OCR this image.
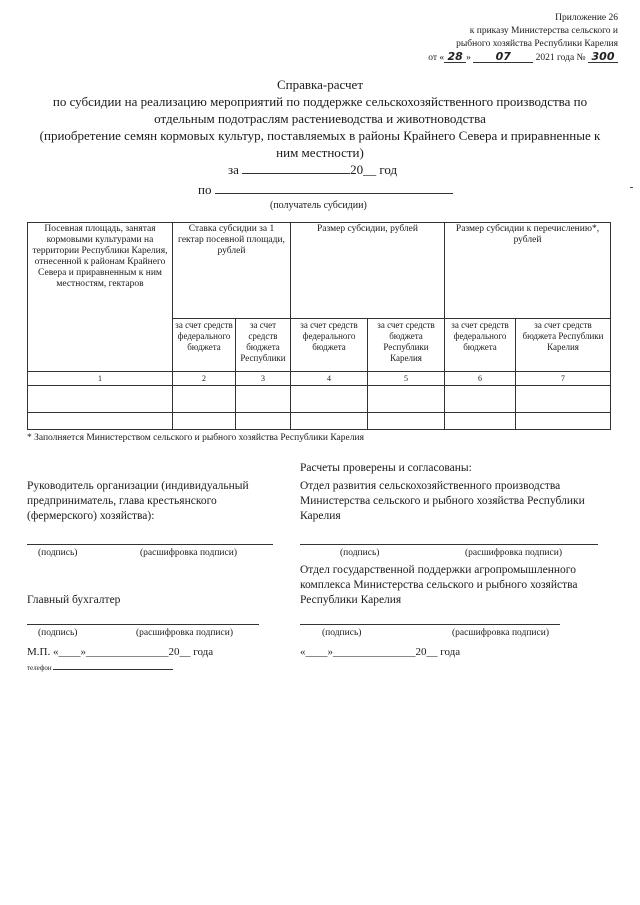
Приложение 26
к приказу Министерства сельского и
рыбного хозяйства Республики Карелия
от « 28 » 07	2021 года № 300
Справка-расчет
по субсидии на реализацию мероприятий по поддержке сельскохозяйственного производства по
отдельным подотраслям растениеводства и животноводства
(приобретение семян кормовых культур, поставляемых в районы Крайнего Севера и приравненные к
ним местности)
за	20__ год
по
(получатель субсидии)
Посевная площадь, занятая кормовыми культурами на территории Республики Карелия, отнесенной к районам Крайнего Севера и приравненным к ним местностям, гектаров	Ставка субсидии за 1 гектар посевной площади, рублей		Размер субсидии, рублей		Размер субсидии к перечислению*, рублей	
	за счет средств федерального бюджета	за счет средств бюджета Республики	за счет средств федерального бюджета	за счет средств бюджета Республики Карелия	за счет средств федерального бюджета	за счет средств бюджета Республики Карелия
1	2	3	4	5	6	7

* Заполняется Министерством сельского и рыбного хозяйства Республики Карелия
Расчеты проверены и согласованы:
Отдел развития сельскохозяйственного производства Министерства сельского и рыбного хозяйства Республики Карелия
(подпись)	(расшифровка подписи)
Отдел государственной поддержки агропромышленного комплекса Министерства сельского и рыбного хозяйства Республики Карелия
(подпись)	(расшифровка подписи)
«____»_______________20__ года
Руководитель организации (индивидуальный предприниматель, глава крестьянского (фермерского) хозяйства):
(подпись)	(расшифровка подписи)
Главный бухгалтер
(подпись)	(расшифровка подписи)
М.П. «____»_______________20__ года
телефон
